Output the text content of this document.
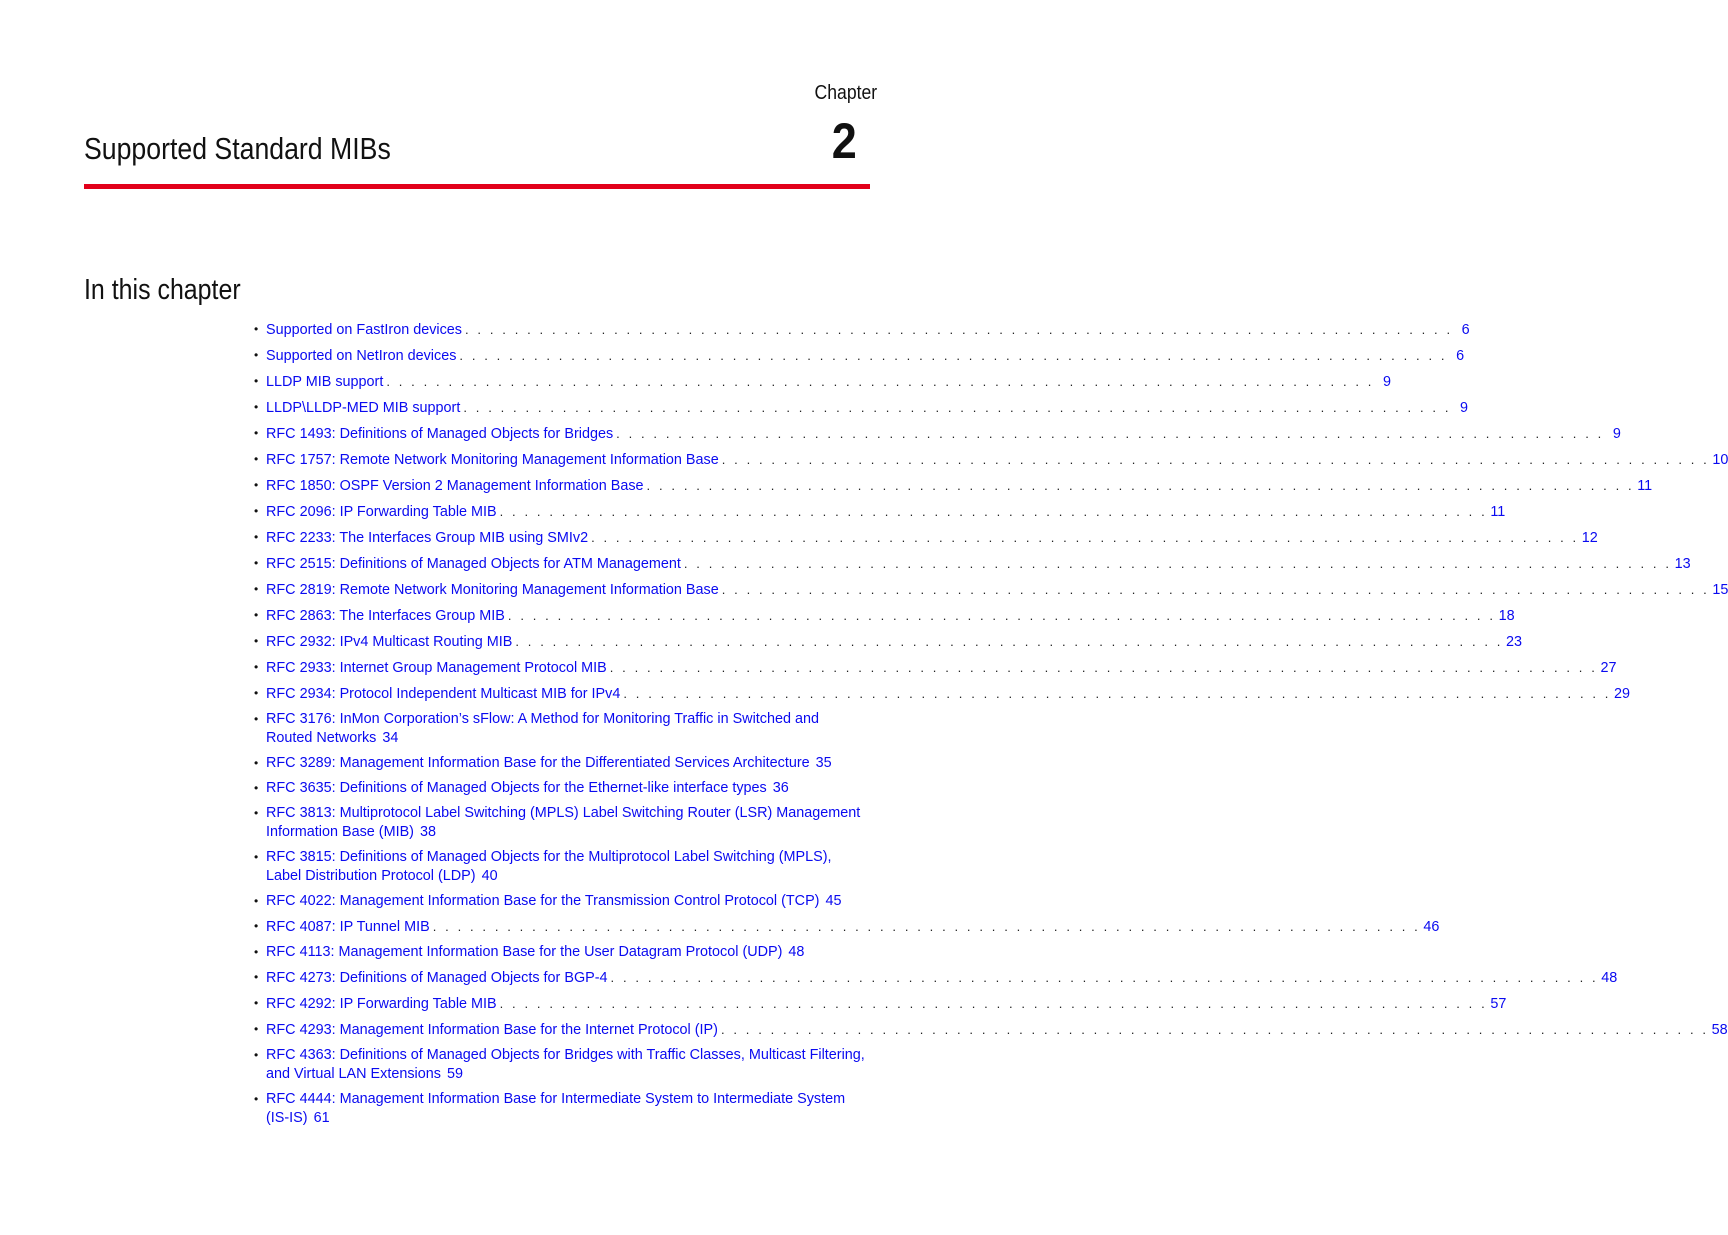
Chapter
2
Supported Standard MIBs
In this chapter
• Supported on FastIron devices . . . . . . . . . . . . . . . . . . . . . . . . . . . . . . . . . . . . . . . . . . . . . . . . . . . . . . . . . . . . . . . . . . . . . . . . . . . . . . . . 6
• Supported on NetIron devices . . . . . . . . . . . . . . . . . . . . . . . . . . . . . . . . . . . . . . . . . . . . . . . . . . . . . . . . . . . . . . . . . . . . . . . . . . . . . . . . 6
• LLDP MIB support . . . . . . . . . . . . . . . . . . . . . . . . . . . . . . . . . . . . . . . . . . . . . . . . . . . . . . . . . . . . . . . . . . . . . . . . . . . . . . . . 9
• LLDP\LLDP-MED MIB support . . . . . . . . . . . . . . . . . . . . . . . . . . . . . . . . . . . . . . . . . . . . . . . . . . . . . . . . . . . . . . . . . . . . . . . . . . . . . . . . 9
• RFC 1493: Definitions of Managed Objects for Bridges . . . . . . . . . . . . . . . . . . . . . . . . . . . . . . . . . . . . . . . . . . . . . . . . . . . . . . . . . . . . . . . . . . . . . . . . . . . . . . . . 9
• RFC 1757: Remote Network Monitoring Management Information Base . . . . . . . . . . . . . . . . . . . . . . . . . . . . . . . . . . . . . . . . . . . . . . . . . . . . . . . . . . . . . . . . . . . . . . . . . . . . . . . . 10
• RFC 1850: OSPF Version 2 Management Information Base . . . . . . . . . . . . . . . . . . . . . . . . . . . . . . . . . . . . . . . . . . . . . . . . . . . . . . . . . . . . . . . . . . . . . . . . . . . . . . . . 11
• RFC 2096: IP Forwarding Table MIB . . . . . . . . . . . . . . . . . . . . . . . . . . . . . . . . . . . . . . . . . . . . . . . . . . . . . . . . . . . . . . . . . . . . . . . . . . . . . . . . 11
• RFC 2233: The Interfaces Group MIB using SMIv2 . . . . . . . . . . . . . . . . . . . . . . . . . . . . . . . . . . . . . . . . . . . . . . . . . . . . . . . . . . . . . . . . . . . . . . . . . . . . . . . . 12
• RFC 2515: Definitions of Managed Objects for ATM Management . . . . . . . . . . . . . . . . . . . . . . . . . . . . . . . . . . . . . . . . . . . . . . . . . . . . . . . . . . . . . . . . . . . . . . . . . . . . . . . . 13
• RFC 2819: Remote Network Monitoring Management Information Base . . . . . . . . . . . . . . . . . . . . . . . . . . . . . . . . . . . . . . . . . . . . . . . . . . . . . . . . . . . . . . . . . . . . . . . . . . . . . . . . 15
• RFC 2863: The Interfaces Group MIB . . . . . . . . . . . . . . . . . . . . . . . . . . . . . . . . . . . . . . . . . . . . . . . . . . . . . . . . . . . . . . . . . . . . . . . . . . . . . . . . 18
• RFC 2932: IPv4 Multicast Routing MIB . . . . . . . . . . . . . . . . . . . . . . . . . . . . . . . . . . . . . . . . . . . . . . . . . . . . . . . . . . . . . . . . . . . . . . . . . . . . . . . . 23
• RFC 2933: Internet Group Management Protocol MIB . . . . . . . . . . . . . . . . . . . . . . . . . . . . . . . . . . . . . . . . . . . . . . . . . . . . . . . . . . . . . . . . . . . . . . . . . . . . . . . . 27
• RFC 2934: Protocol Independent Multicast MIB for IPv4 . . . . . . . . . . . . . . . . . . . . . . . . . . . . . . . . . . . . . . . . . . . . . . . . . . . . . . . . . . . . . . . . . . . . . . . . . . . . . . . . 29
• RFC 3176: InMon Corporation’s sFlow: A Method for Monitoring Traffic in Switched and Routed Networks 34
• RFC 3289: Management Information Base for the Differentiated Services Architecture 35
• RFC 3635: Definitions of Managed Objects for the Ethernet-like interface types 36
• RFC 3813: Multiprotocol Label Switching (MPLS) Label Switching Router (LSR) Management Information Base (MIB) 38
• RFC 3815: Definitions of Managed Objects for the Multiprotocol Label Switching (MPLS), Label Distribution Protocol (LDP) 40
• RFC 4022: Management Information Base for the Transmission Control Protocol (TCP) 45
• RFC 4087: IP Tunnel MIB . . . . . . . . . . . . . . . . . . . . . . . . . . . . . . . . . . . . . . . . . . . . . . . . . . . . . . . . . . . . . . . . . . . . . . . . . . . . . . . . 46
• RFC 4113: Management Information Base for the User Datagram Protocol (UDP) 48
• RFC 4273: Definitions of Managed Objects for BGP-4 . . . . . . . . . . . . . . . . . . . . . . . . . . . . . . . . . . . . . . . . . . . . . . . . . . . . . . . . . . . . . . . . . . . . . . . . . . . . . . . . 48
• RFC 4292: IP Forwarding Table MIB . . . . . . . . . . . . . . . . . . . . . . . . . . . . . . . . . . . . . . . . . . . . . . . . . . . . . . . . . . . . . . . . . . . . . . . . . . . . . . . . 57
• RFC 4293: Management Information Base for the Internet Protocol (IP) . . . . . . . . . . . . . . . . . . . . . . . . . . . . . . . . . . . . . . . . . . . . . . . . . . . . . . . . . . . . . . . . . . . . . . . . . . . . . . . . 58
• RFC 4363: Definitions of Managed Objects for Bridges with Traffic Classes, Multicast Filtering, and Virtual LAN Extensions 59
• RFC 4444: Management Information Base for Intermediate System to Intermediate System (IS-IS) 61
